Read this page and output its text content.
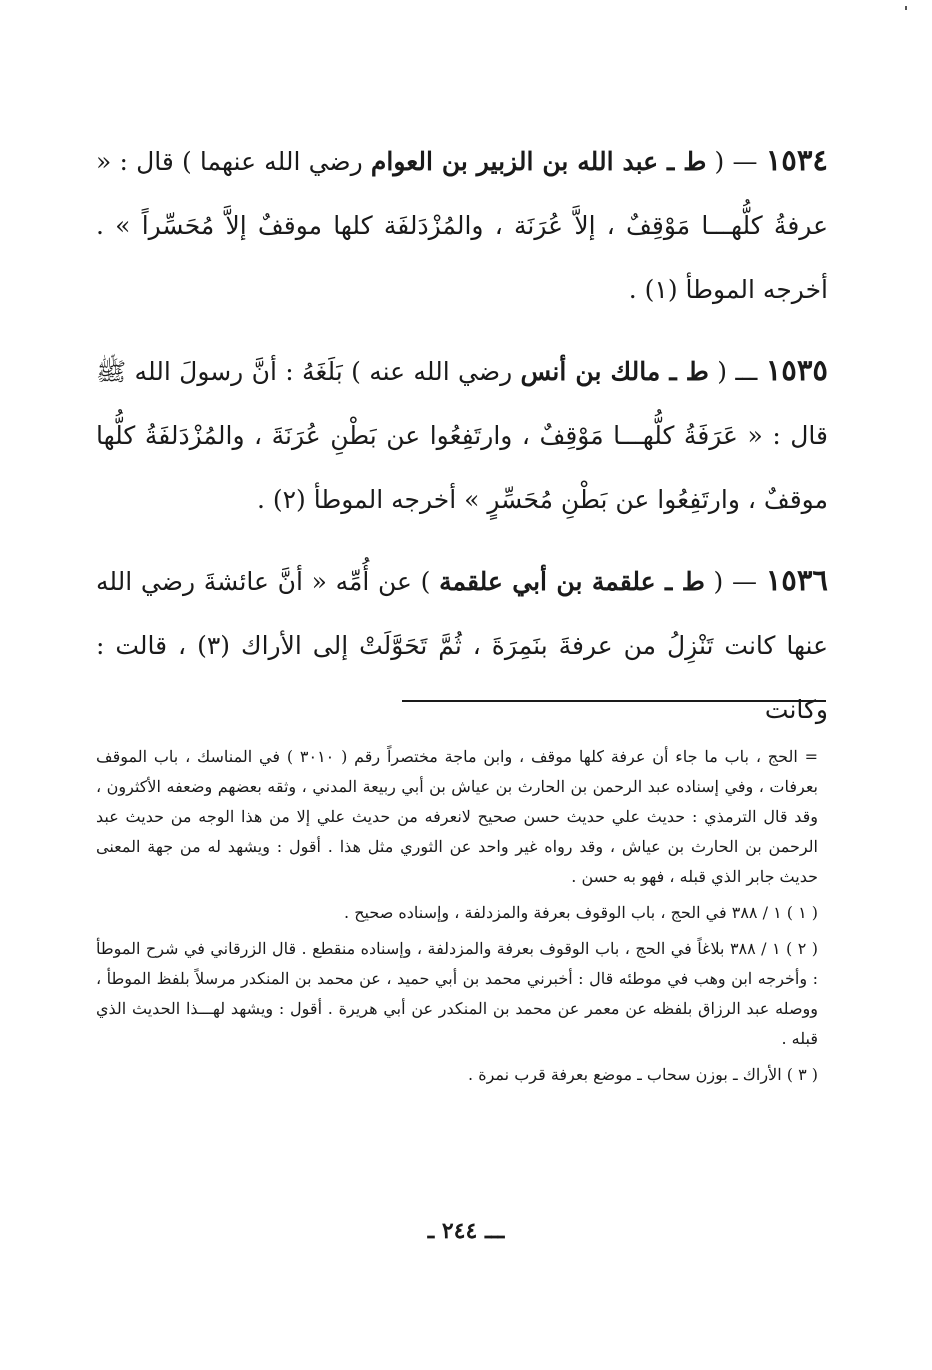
١٥٣٤ — ( ط ـ عبد الله بن الزبير بن العوام رضي الله عنهما ) قال : « عرفةُ كلُّهـــا مَوْقِفٌ ، إلاَّ عُرَنَة ، والمُزْدَلفَة كلها موقفٌ إلاَّ مُحَسِّراً » . أخرجه الموطأ (١) .

١٥٣٥ ـــ ( ط ـ مالك بن أنس رضي الله عنه ) بَلَغَهُ : أنَّ رسولَ الله ﷺ قال : « عَرَفَةُ كلُّهـــا مَوْقِفٌ ، وارتَفِعُوا عن بَطْنِ عُرَنَةَ ، والمُزْدَلفَةُ كلُّها موقفٌ ، وارتَفِعُوا عن بَطْنِ مُحَسِّرٍ » أخرجه الموطأ (٢) .

١٥٣٦ — ( ط ـ علقمة بن أبي علقمة ) عن أُمِّه « أنَّ عائشةَ رضي الله عنها كانت تَنْزِلُ من عرفةَ بنَمِرَةَ ، ثُمَّ تَحَوَّلَتْ إلى الأراك (٣) ، قالت : وكانت

= الحج ، باب ما جاء أن عرفة كلها موقف ، وابن ماجة مختصراً رقم ( ٣٠١٠ ) في المناسك ، باب الموقف بعرفات ، وفي إسناده عبد الرحمن بن الحارث بن عياش بن أبي ربيعة المدني ، وثقه بعضهم وضعفه الأكثرون ، وقد قال الترمذي : حديث علي حديث حسن صحيح لانعرفه من حديث علي إلا من هذا الوجه من حديث عبد الرحمن بن الحارث بن عياش ، وقد رواه غير واحد عن الثوري مثل هذا . أقول : ويشهد له من جهة المعنى حديث جابر الذي قبله ، فهو به حسن .

( ١ ) ١ / ٣٨٨ في الحج ، باب الوقوف بعرفة والمزدلفة ، وإسناده صحيح .

( ٢ ) ١ / ٣٨٨ بلاغاً في الحج ، باب الوقوف بعرفة والمزدلفة ، وإسناده منقطع . قال الزرقاني في شرح الموطأ : وأخرجه ابن وهب في موطئه قال : أخبرني محمد بن أبي حميد ، عن محمد بن المنكدر مرسلاً بلفظ الموطأ ، ووصله عبد الرزاق بلفظه عن معمر عن محمد بن المنكدر عن أبي هريرة . أقول : ويشهد لهـــذا الحديث الذي قبله .

( ٣ ) الأراك ـ بوزن سحاب ـ موضع بعرفة قرب نمرة .

ـــ ٢٤٤ ـ
